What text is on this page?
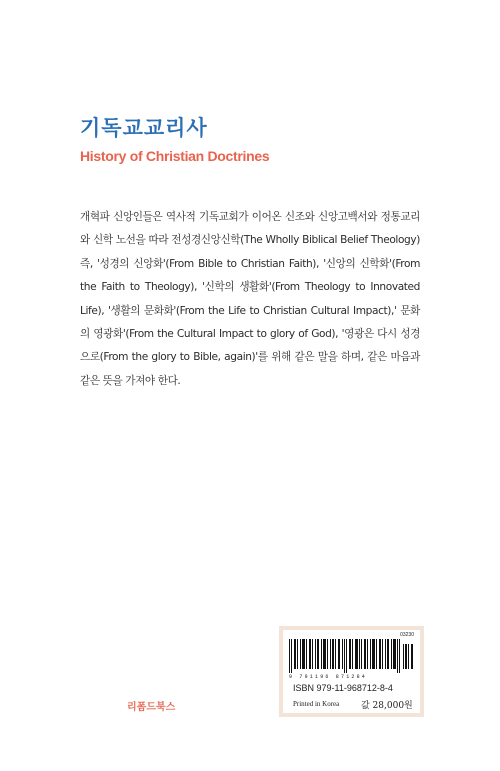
기독교교리사
History of Christian Doctrines
개혁파 신앙인들은 역사적 기독교회가 이어온 신조와 신앙고백서와 정통교리와 신학 노선을 따라 전성경신앙신학(The Wholly Biblical Belief Theology) 즉, '성경의 신앙화'(From Bible to Christian Faith), '신앙의 신학화'(From the Faith to Theology), '신학의 생활화'(From Theology to Innovated Life), '생활의 문화화'(From the Life to Christian Cultural Impact),' 문화의 영광화'(From the Cultural Impact to glory of God), '영광은 다시 성경으로(From the glory to Bible, again)'를 위해 같은 말을 하며, 같은 마음과 같은 뜻을 가져야 한다.
리폼드북스
03230
9 791196 871284
ISBN 979-11-968712-8-4
Printed in Korea 값 28,000원
